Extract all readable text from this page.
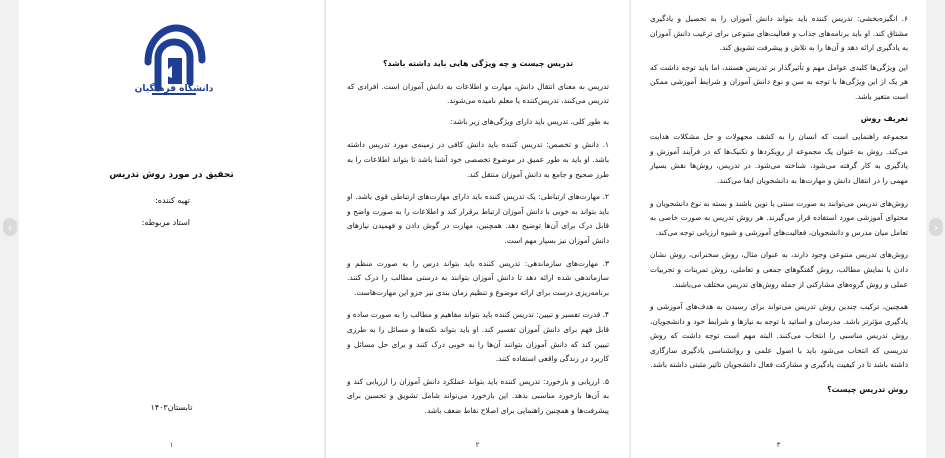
‹	›
دانشگاه فرهنگیان
تحقیق در مورد روش تدریس
تهیه کننده:
استاد مربوطه:
تابستان۱۴۰۳
۱

تدریس چیست و چه ویژگی هایی باید داشته باشد؟

تدریس به معنای انتقال دانش، مهارت و اطلاعات به دانش آموزان است. افرادی که تدریس می‌کنند، تدریس‌کننده یا معلم نامیده می‌شوند.

به طور کلی، تدریس باید دارای ویژگی‌های زیر باشد:

۱. دانش و تخصص: تدریس کننده باید دانش کافی در زمینه‌ی مورد تدریس داشته باشد. او باید به طور عمیق در موضوع تخصصی خود آشنا باشد تا بتواند اطلاعات را به طرز صحیح و جامع به دانش آموزان منتقل کند.

۲. مهارت‌های ارتباطی: یک تدریس کننده باید دارای مهارت‌های ارتباطی قوی باشد. او باید بتواند به خوبی با دانش آموزان ارتباط برقرار کند و اطلاعات را به صورت واضح و قابل درک برای آن‌ها توضیح دهد. همچنین، مهارت در گوش دادن و فهمیدن نیازهای دانش آموزان نیز بسیار مهم است.

۳. مهارت‌های سازماندهی: تدریس کننده باید بتواند درس را به صورت منظم و سازماندهی شده ارائه دهد تا دانش آموزان بتوانند به درستی مطالب را درک کنند. برنامه‌ریزی درست برای ارائه موضوع و تنظیم زمان بندی نیز جزو این مهارت‌هاست.

۴. قدرت تفسیر و تبیین: تدریس کننده باید بتواند مفاهیم و مطالب را به صورت ساده و قابل فهم برای دانش آموزان تفسیر کند. او باید بتواند نکته‌ها و مسائل را به طرزی تبیین کند که دانش آموزان بتوانند آن‌ها را به خوبی درک کنند و برای حل مسائل و کاربرد در زندگی واقعی استفاده کنند.

۵. ارزیابی و بازخورد: تدریس کننده باید بتواند عملکرد دانش آموزان را ارزیابی کند و به آن‌ها بازخورد مناسبی بدهد. این بازخورد می‌تواند شامل تشویق و تحسین برای پیشرفت‌ها و همچنین راهنمایی برای اصلاح نقاط ضعف باشد.

۲

۶. انگیزه‌بخشی: تدریس کننده باید بتواند دانش آموزان را به تحصیل و یادگیری مشتاق کند. او باید برنامه‌های جذاب و فعالیت‌های متنوعی برای ترغیب دانش آموزان به یادگیری ارائه دهد و آن‌ها را به تلاش و پیشرفت تشویق کند.

این ویژگی‌ها کلیدی عوامل مهم و تأثیرگذار بر تدریس هستند، اما باید توجه داشت که هر یک از این ویژگی‌ها با توجه به سن و نوع دانش آموزان و شرایط آموزشی ممکن است متغیر باشد.

تعریف روش

مجموعه راهنمایی است که انسان را به کشف مجهولات و حل مشکلات هدایت می‌کند. روش به عنوان یک مجموعه از رویکردها و تکنیک‌ها که در فرآیند آموزش و یادگیری به کار گرفته می‌شود، شناخته می‌شود. در تدریس، روش‌ها نقش بسیار مهمی را در انتقال دانش و مهارت‌ها به دانشجویان ایفا می‌کنند.

روش‌های تدریس می‌توانند به صورت سنتی یا نوین باشند و بسته به نوع دانشجویان و محتوای آموزشی مورد استفاده قرار می‌گیرند. هر روش تدریس به صورت خاصی به تعامل میان مدرس و دانشجویان، فعالیت‌های آموزشی و شیوه ارزیابی توجه می‌کند.

روش‌های تدریس متنوعی وجود دارند، به عنوان مثال، روش سخنرانی، روش نشان دادن با نمایش مطالب، روش گفتگوهای جمعی و تعاملی، روش تمرینات و تجربیات عملی و روش گروه‌های مشارکتی از جمله روش‌های تدریس مختلف می‌باشند.

همچنین، ترکیب چندین روش تدریس می‌تواند برای رسیدن به هدف‌های آموزشی و یادگیری مؤثرتر باشد. مدرسان و اساتید با توجه به نیازها و شرایط خود و دانشجویان، روش تدریس مناسبی را انتخاب می‌کنند. البته مهم است توجه داشت که روش تدریسی که انتخاب می‌شود باید با اصول علمی و روانشناسی یادگیری سازگاری داشته باشد تا در کیفیت یادگیری و مشارکت فعال دانشجویان تاثیر مثبتی داشته باشد.

روش تدریس چیست؟

۳
